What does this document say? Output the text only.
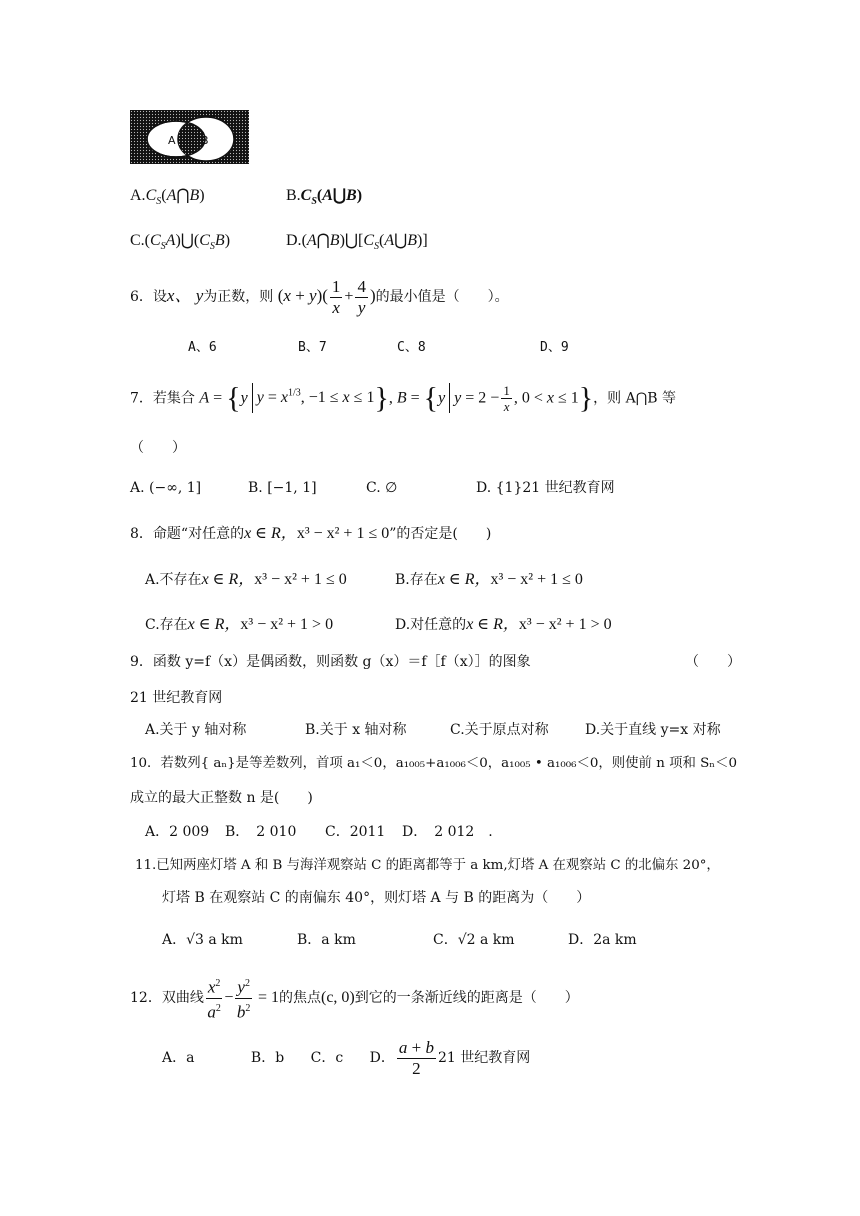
A B
$A.C_S(A⋂B)$	$B.C_S(A⋃B)$
$C.(C_SA)⋃(C_SB)$	$D.(A⋂B)⋃[C_S(A⋃B)]$
6．设x、 y为正数，则 $(x + y)( \frac{1}{x} + \frac{4}{y}$ )的最小值是（　　）。
A、6	B、7	C、8	D、9
7．若集合 A = {y $y = x^{1/3}$, −1 ≤ x ≤ 1}, B = {y $y = 2 - \frac{1}{x}$ , 0 < x ≤ 1}，则 A⋂B 等
（　　）
A. (−∞, 1]	B. [−1, 1]	C. ∅	D. {1}21 世纪教育网
8．命题“对任意的x ∈ R，x³ − x² + 1 ≤ 0”的否定是(　　)
A.不存在x ∈ R，x³ − x² + 1 ≤ 0	B.存在x ∈ R，x³ − x² + 1 ≤ 0
C.存在x ∈ R，x³ − x² + 1 > 0	D.对任意的x ∈ R，x³ − x² + 1 > 0
9．函数 y=f（x）是偶函数，则函数 g（x）＝f［f（x）］的图象	（　　）
21 世纪教育网
A.关于 y 轴对称	B.关于 x 轴对称	C.关于原点对称	D.关于直线 y=x 对称
10．若数列{ aₙ}是等差数列，首项 a₁＜0，a₁₀₀₅+a₁₀₀₆＜0，a₁₀₀₅ • a₁₀₀₆＜0，则使前 n 项和 Sₙ＜0
成立的最大正整数 n 是(　　)
A．2 009 B．　2 010 C．2011 D．　2 012　.
11.已知两座灯塔 A 和 B 与海洋观察站 C 的距离都等于 a km,灯塔 A 在观察站 C 的北偏东 20°，
灯塔 B 在观察站 C 的南偏东 40°，则灯塔 A 与 B 的距离为（　　）
A．√3 a km	B．a km	C．√2 a km	D．2a km
12．双曲线 $\frac{x^2}{a^2} - \frac{y^2}{b^2} = 1$的焦点(c, 0)到它的一条渐近线的距离是（　　）
A．a	B．b C．c D． $\frac{a + b}{2} 21$ 世纪教育网
